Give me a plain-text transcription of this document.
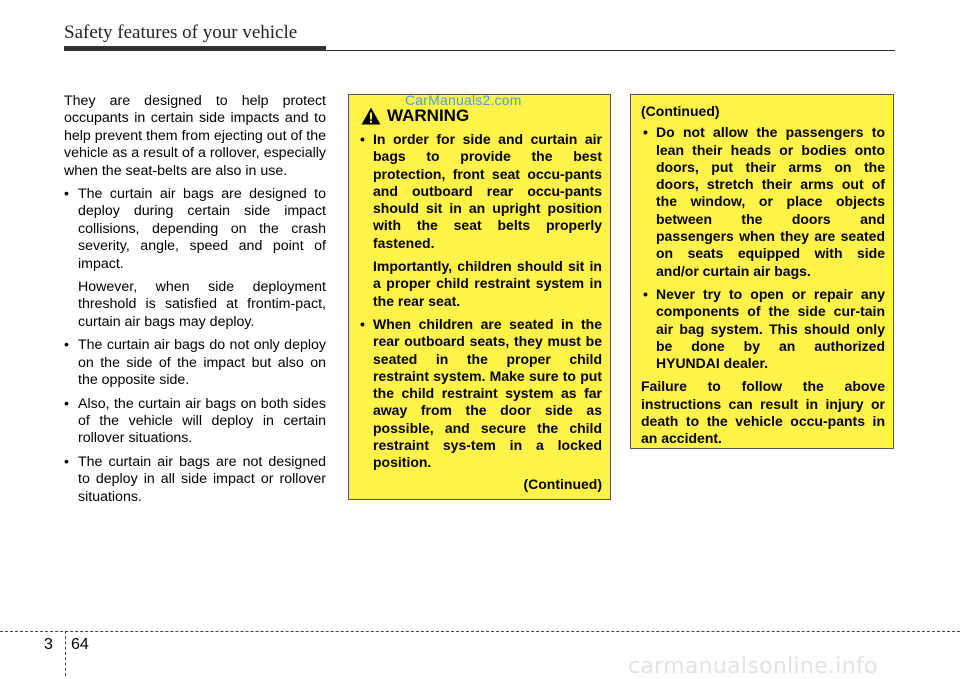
Safety features of your vehicle

They are designed to help protect occupants in certain side impacts and to help prevent them from ejecting out of the vehicle as a result of a rollover, especially when the seat-belts are also in use.

• The curtain air bags are designed to deploy during certain side impact collisions, depending on the crash severity, angle, speed and point of impact.

However, when side deployment threshold is satisfied at frontim-pact, curtain air bags may deploy.

• The curtain air bags do not only deploy on the side of the impact but also on the opposite side.
• Also, the curtain air bags on both sides of the vehicle will deploy in certain rollover situations.
• The curtain air bags are not designed to deploy in all side impact or rollover situations.
WARNING
• In order for side and curtain air bags to provide the best protection, front seat occu-pants and outboard rear occu-pants should sit in an upright position with the seat belts properly fastened.

Importantly, children should sit in a proper child restraint system in the rear seat.

• When children are seated in the rear outboard seats, they must be seated in the proper child restraint system. Make sure to put the child restraint system as far away from the door side as possible, and secure the child restraint sys-tem in a locked position.
(Continued)
CarManuals2.com

(Continued)

• Do not allow the passengers to lean their heads or bodies onto doors, put their arms on the doors, stretch their arms out of the window, or place objects between the doors and passengers when they are seated on seats equipped with side and/or curtain air bags.
• Never try to open or repair any components of the side cur-tain air bag system. This should only be done by an authorized HYUNDAI dealer.

Failure to follow the above instructions can result in injury or death to the vehicle occu-pants in an accident.

3 64
carmanualsonline.info
